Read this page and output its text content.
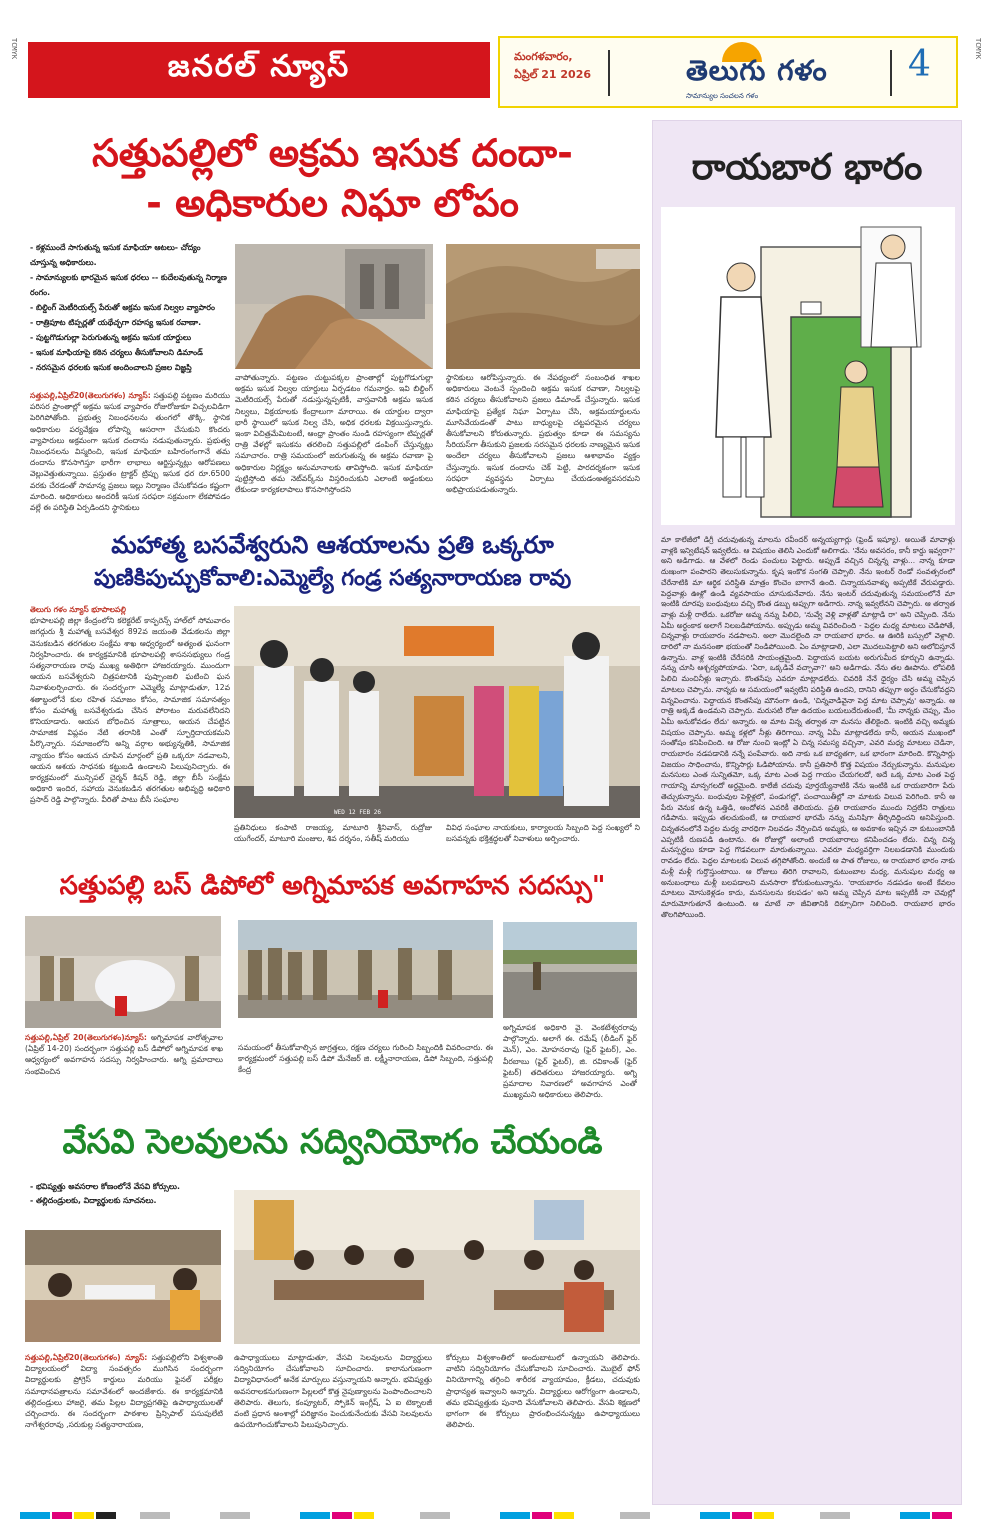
TCMYK	TCMYK
జనరల్ న్యూస్	మంగళవారం,
ఏప్రిల్ 21 2026	తెలుగు గళం
సామాన్యుల సంచలన గళం
4
సత్తుపల్లిలో అక్రమ ఇసుక దందా-
- అధికారుల నిఘా లోపం
- కళ్లముందే సాగుతున్న ఇసుక మాఫియా ఆటలు- చోద్యం చూస్తున్న అధికారులు.
- సామాన్యులకు భారమైన ఇసుక ధరలు -- కుదేలవుతున్న నిర్మాణ రంగం.
- బిల్డింగ్ మెటీరియల్స్ పేరుతో అక్రమ ఇసుక నిల్వల వ్యాపారం
- రాత్రిపూట టిప్పర్లతో యథేచ్ఛగా రహస్య ఇసుక రవాణా.
- పుట్టగొడుగుల్లా పెరుగుతున్న అక్రమ ఇసుక యార్డులు
- ఇసుక మాఫియాపై కఠిన చర్యలు తీసుకోవాలని డిమాండ్
- నరసమైన ధరలకు ఇసుక అందించాలని ప్రజల విజ్ఞప్తి
సత్తుపల్లి,ఏప్రిల్20(తెలుగుగళం) న్యూస్: సత్తుపల్లి పట్టణం మరియు పరిసర ప్రాంతాల్లో అక్రమ ఇసుక వ్యాపారం రోజురోజుకూ విచ్చలవిడిగా పెరిగిపోతోంది. ప్రభుత్వ నిబంధనలను తుంగలో తొక్కి, స్థానిక అధికారుల పర్యవేక్షణ లోపాన్ని ఆసరాగా చేసుకుని కొందరు వ్యాపారులు అక్రమంగా ఇసుక దందాను నడుపుతున్నారు. ప్రభుత్వ నిబంధనలను విస్మరించి, ఇసుక మాఫియా బహిరంగంగానే తమ దందాను కొనసాగిస్తూ భారీగా లాభాలు ఆర్జిస్తున్నట్లు ఆరోపణలు వెల్లువెత్తుతున్నాయి. ప్రస్తుతం ట్రాక్టర్ ట్రిప్పు ఇసుక ధర రూ.6500 వరకు చేరడంతో సామాన్య ప్రజలు ఇల్లు నిర్మాణం చేసుకోవడం కష్టంగా మారింది. అధికారులు అందరికీ ఇసుక సరఫరా సక్రమంగా లేకపోవడం వల్లే ఈ పరిస్థితి ఏర్పడిందని స్థానికులు
వాపోతున్నారు. పట్టణం చుట్టుపక్కల ప్రాంతాల్లో పుట్టగొడుగుల్లా అక్రమ ఇసుక నిల్వల యార్డులు ఏర్పడటం గమనార్హం. ఇవి బిల్డింగ్ మెటీరియల్స్ పేరుతో నడుస్తున్నప్పటికీ, వాస్తవానికి అక్రమ ఇసుక నిల్వలు, విక్రయాలకు కేంద్రాలుగా మారాయి. ఈ యార్డుల ద్వారా భారీ స్థాయిలో ఇసుక నిల్వ చేసి, అధిక ధరలకు విక్రయిస్తున్నారు. ఇంకా విచిత్రమేమిటంటే, ఆంధ్రా ప్రాంతం నుండి రహస్యంగా టిప్పర్లతో రాత్రి వేళల్లో ఇసుకను తరలించి సత్తుపల్లిలో డంపింగ్ చేస్తున్నట్లు సమాచారం. రాత్రి సమయంలో జరుగుతున్న ఈ అక్రమ రవాణా పై అధికారుల నిర్లక్ష్యం అనుమానాలకు తావిస్తోంది. ఇసుక మాఫియా పుట్టిస్తోంది తమ నెట్‌వర్క్‌ను విస్తరించుకుని ఎలాంటి అడ్డంకులు లేకుండా కార్యకలాపాలు కొనసాగిస్తోందని
స్థానికులు ఆరోపిస్తున్నారు. ఈ నేపథ్యంలో సంబంధిత శాఖల అధికారులు వెంటనే స్పందించి అక్రమ ఇసుక రవాణా, నిల్వలపై కఠిన చర్యలు తీసుకోవాలని ప్రజలు డిమాండ్ చేస్తున్నారు. ఇసుక మాఫియాపై ప్రత్యేక నిఘా ఏర్పాటు చేసి, అక్రమయార్డులను మూసివేయడంతో పాటు బాధ్యులపై చట్టపరమైన చర్యలు తీసుకోవాలని కోరుతున్నారు. ప్రభుత్వం కూడా ఈ సమస్యను సీరియస్‌గా తీసుకుని ప్రజలకు సరసమైన ధరలకు నాణ్యమైన ఇసుక అందేలా చర్యలు తీసుకోవాలని ప్రజలు ఆశాభావం వ్యక్తం చేస్తున్నారు. ఇసుక దందాను చెక్ పెట్టి, పారదర్శకంగా ఇసుక సరఫరా వ్యవస్థను ఏర్పాటు చేయడంఅత్యవసరమని అభిప్రాయపడుతున్నారు.
మహాత్మ బసవేశ్వరుని ఆశయాలను ప్రతి ఒక్కరూ
పుణికిపుచ్చుకోవాలి:ఎమ్మెల్యే గండ్ర సత్యనారాయణ రావు
తెలుగు గళం న్యూస్ భూపాలపల్లి
భూపాలపల్లి జిల్లా కేంద్రంలోని కలెక్టరేట్ కాన్ఫరెన్స్ హాల్‌లో సోమవారం జగద్గురు శ్రీ మహాత్మ బసవేశ్వర 892వ జయంతి వేడుకలను జిల్లా వెనుకబడిన తరగతుల సంక్షేమ శాఖ ఆధ్వర్యంలో అత్యంత ఘనంగా నిర్వహించారు. ఈ కార్యక్రమానికి భూపాలపల్లి శాసనసభ్యులు గండ్ర సత్యనారాయణ రావు ముఖ్య అతిథిగా హాజరయ్యారు. ముందుగా ఆయన బసవేశ్వరుని చిత్రపటానికి పుష్పాంజలి ఘటించి ఘన నివాళులర్పించారు. ఈ సందర్భంగా ఎమ్మెల్యే మాట్లాడుతూ, 12వ శతాబ్దంలోనే కుల రహిత సమాజం కోసం, సామాజిక సమానత్వం కోసం మహాత్మ బసవేశ్వరుడు చేసిన పోరాటం మరువలేనిదని కొనియాడారు. ఆయన బోధించిన సూత్రాలు, ఆయన చేపట్టిన సామాజిక విప్లవం నేటి తరానికి ఎంతో స్ఫూర్తిదాయకమని పేర్కొన్నారు. సమాజంలోని అన్ని వర్గాల అభ్యున్నతికి, సామాజిక న్యాయం కోసం ఆయన చూపిన మార్గంలో ప్రతి ఒక్కరూ నడవాలని, ఆయన ఆశయ సాధనకు కట్టుబడి ఉండాలని పిలుపునిచ్చారు. ఈ కార్యక్రమంలో మున్సిపల్ చైర్మన్ కిషన్ రెడ్డి, జిల్లా బీసీ సంక్షేమ అధికారి ఇందిర, సహాయ వెనుకబడిన తరగతుల అభివృద్ధి అధికారి ప్రసాద్ రెడ్డి పాల్గొన్నారు. వీరితో పాటు బీసీ సంఘాల
WED 12 FEB 26
ప్రతినిధులు కంపాటి రాజయ్య, మాటూరి శ్రీనివాస్, రుద్రోజు యుగేందర్, మాటూరి మంజుల, శివ దర్శనం, సతీష్ మరియు
వివిధ సంఘాల నాయకులు, కార్యాలయ సిబ్బంది పెద్ద సంఖ్యలో ని బసవన్నకు భక్తిశ్రద్ధలతో నివాళులు అర్పించారు.
సత్తుపల్లి బస్ డిపోలో అగ్నిమాపక అవగాహన సదస్సు"
సత్తుపల్లి,ఏప్రిల్ 20(తెలుగుగళం)న్యూస్: అగ్నిమాపక వారోత్సవాల (ఏప్రిల్ 14-20) సందర్భంగా సత్తుపల్లి బస్ డిపోలో అగ్నిమాపక శాఖ ఆధ్వర్యంలో అవగాహన సదస్సు నిర్వహించారు. అగ్ని ప్రమాదాలు సంభవించిన
సమయంలో తీసుకోవాల్సిన జాగ్రత్తలు, రక్షణ చర్యలు గురించి సిబ్బందికి వివరించారు. ఈ కార్యక్రమంలో సత్తుపల్లి బస్ డిపో మేనేజర్ జి. లక్ష్మీనారాయణ, డిపో సిబ్బంది, సత్తుపల్లి కేంద్ర
అగ్నిమాపక అధికారి వై. వెంకటేశ్వరరావు పాల్గొన్నారు. అలాగే ఈ. రమేష్ (లీడింగ్ ఫైర్ మెన్), ఎం. మోహనరావు (ఫైర్ ఫైటర్), ఎం. వీరబాబు (ఫైర్ ఫైటర్), జి. రవికాంత్ (ఫైర్ ఫైటర్) తదితరులు హాజరయ్యారు. అగ్ని ప్రమాదాల నివారణలో అవగాహన ఎంతో ముఖ్యమని అధికారులు తెలిపారు.
వేసవి సెలవులను సద్వినియోగం చేయండి
- భవిష్యత్తు అవసరాల కోణంలోనే వేసవి కోర్సులు.
- తల్లిదండ్రులకు, విద్యార్థులకు సూచనలు.
సత్తుపల్లి,ఏప్రిల్20(తెలుగుగళం) న్యూస్: సత్తుపల్లిలోని విశ్వశాంతి విద్యాలయంలో విద్యా సంవత్సరం ముగిసిన సందర్భంగా విద్యార్థులకు ప్రోగ్రెస్ కార్డులు మరియు ఫైనల్ పరీక్షల సమాధానపత్రాలను సమావేశంలో అందజేశారు. ఈ కార్యక్రమానికి తల్లిదండ్రులు హాజరై, తమ పిల్లల విద్యాప్రగతిపై ఉపాధ్యాయులతో చర్చించారు. ఈ సందర్భంగా పాఠశాల ప్రిన్సిపాల్ పసుపులేటి నాగేశ్వరరావు ,సరుకుల్ల సత్యనారాయణ,
ఉపాధ్యాయులు మాట్లాడుతూ, వేసవి సెలవులను విద్యార్థులు సద్వినియోగం చేసుకోవాలని సూచించారు. కాలానుగుణంగా విద్యావిధానంలో అనేక మార్పులు వస్తున్నాయని అన్నారు. భవిష్యత్తు అవసరాలకనుగుణంగా పిల్లలలో కొత్త నైపుణ్యాలను పెంపొందించాలని తెలిపారు. తెలుగు, కంప్యూటర్, స్పోకెన్ ఇంగ్లీష్, ఏ ఐ టెక్నాలజీ వంటి ప్రధాన అంశాల్లో పరిజ్ఞానం పెంచుకునేందుకు వేసవి సెలవులను ఉపయోగించుకోవాలని పిలుపునిచ్చారు.
కోర్సులు విశ్వశాంతిలో అందుబాటులో ఉన్నాయని తెలిపారు. వాటిని సద్వినియోగం చేసుకోవాలని సూచించారు. మొబైల్ ఫోన్ వినియోగాన్ని తగ్గించి శారీరక వ్యాయామం, క్రీడలు, చదువుకు ప్రాధాన్యత ఇవ్వాలని అన్నారు. విద్యార్థులు ఆరోగ్యంగా ఉండాలని, తమ భవిష్యత్తుకు పునాది వేసుకోవాలని తెలిపారు. వేసవి శిక్షణలో భాగంగా ఈ కోర్సులు ప్రారంభించనున్నట్టు ఉపాధ్యాయులు తెలిపారు.
రాయబార భారం
మా కాలేజీలో డిగ్రీ చదువుతున్న మాలను రవీందర్ అన్నయ్యగార్లు (ఫ్రెండ్ ఇష్యూ). అయితే మావాళ్లు వాళ్లకి ఇన్విటేషన్ ఇవ్వలేదు. ఆ విషయం తెలిసి ఎందుకో అలిగాడు. 'నేను అవసరం, కానీ కార్డు ఇవ్వరా?' అని అడిగాడు. ఆ వేళలో రెండు పంచులు పెట్టారు. అప్పుడే వచ్చిన చిన్నన్న వాళ్లు... నాన్న కూడా దుఃఖంగా పంపారని తెలుసుకున్నాను. కృష ఇంకొక సంగతి చెప్పాలి. నేను ఇంటర్ రెండో సంవత్సరంలో చేరేనాటికి మా ఆర్థిక పరిస్థితి మాత్రం కొంచెం బాగానే ఉంది. చిన్నాయనవాళ్ళు అప్పటికే వేరుపడ్డారు. పెద్దవాళ్లు ఊళ్లో ఉండి వ్యవసాయం చూసుకునేవారు. నేను ఇంటర్ చదువుతున్న సమయంలోనే మా ఇంటికి దూరపు బంధువులు వచ్చి కొంత డబ్బు అప్పుగా అడిగారు. నాన్న ఇవ్వలేనని చెప్పారు. ఆ తర్వాత వాళ్లు మళ్లీ రాలేదు. ఒకరోజు అమ్మ నన్ను పిలిచి, 'నువ్వే వెళ్లి వాళ్లతో మాట్లాడి రా' అని చెప్పింది. నేను ఏమీ అర్థంకాక అలాగే నిలబడిపోయాను. అప్పుడు అమ్మ వివరించింది - పెద్దల మధ్య మాటలు చెడిపోతే, చిన్నవాళ్లు రాయబారం నడపాలని. అలా మొదలైంది నా రాయబార భారం. ఆ ఊరికి బస్సులో వెళ్లాలి. దారిలో నా మనసంతా భయంతో నిండిపోయింది. ఏం మాట్లాడాలి, ఎలా మొదలుపెట్టాలి అని ఆలోచిస్తూనే ఉన్నాను. వాళ్ల ఇంటికి చేరేసరికి సాయంత్రమైంది. పెద్దాయన బయట అరుగుమీద కూర్చుని ఉన్నాడు. నన్ను చూసి ఆశ్చర్యపోయాడు. 'ఏరా, ఒక్కడివే వచ్చావా?' అని అడిగాడు. నేను తల ఊపాను. లోపలికి పిలిచి మంచినీళ్లు ఇచ్చారు. కొంతసేపు ఎవరూ మాట్లాడలేదు. చివరికి నేనే ధైర్యం చేసి అమ్మ చెప్పిన మాటలు చెప్పాను. నాన్నకు ఆ సమయంలో ఇవ్వలేని పరిస్థితి ఉందని, దానిని తప్పుగా అర్థం చేసుకోవద్దని విన్నవించాను. పెద్దాయన కొంతసేపు మౌనంగా ఉండి, 'చిన్నవాడివైనా పెద్ద మాట చెప్పావు' అన్నాడు. ఆ రాత్రి అక్కడే ఉండమని చెప్పారు. మరుసటి రోజు ఉదయం బయలుదేరుతుంటే, 'మీ నాన్నకు చెప్పు, మేం ఏమీ అనుకోవడం లేదు' అన్నారు. ఆ మాట విన్న తర్వాత నా మనసు తేలికైంది. ఇంటికి వచ్చి అమ్మకు విషయం చెప్పాను. అమ్మ కళ్లలో నీళ్లు తిరిగాయి. నాన్న ఏమీ మాట్లాడలేదు కానీ, ఆయన ముఖంలో సంతోషం కనిపించింది. ఆ రోజు నుంచి ఇంట్లో ఏ చిన్న సమస్య వచ్చినా, ఎవరి మధ్య మాటలు చెడినా, రాయబారం నడపడానికి నన్నే పంపేవారు. అది నాకు ఒక బాధ్యతగా, ఒక భారంగా మారింది. కొన్నిసార్లు విజయం సాధించాను, కొన్నిసార్లు ఓడిపోయాను. కానీ ప్రతిసారీ కొత్త విషయం నేర్చుకున్నాను. మనుషుల మనసులు ఎంత సున్నితమో, ఒక్క మాట ఎంత పెద్ద గాయం చేయగలదో, అదే ఒక్క మాట ఎంత పెద్ద గాయాన్ని మాన్పగలదో అర్థమైంది. కాలేజీ చదువు పూర్తయ్యేనాటికి నేను ఇంటికి ఒక రాయబారిగా పేరు తెచ్చుకున్నాను. బంధువుల పెళ్లిళ్లలో, పండుగల్లో, పంచాయితీల్లో నా మాటకు విలువ పెరిగింది. కానీ ఆ పేరు వెనుక ఉన్న ఒత్తిడి, ఆందోళన ఎవరికీ తెలియదు. ప్రతి రాయబారం ముందు నిద్రలేని రాత్రులు గడిపాను. ఇప్పుడు తలచుకుంటే, ఆ రాయబార భారమే నన్ను మనిషిగా తీర్చిదిద్దిందని అనిపిస్తుంది. చిన్నతనంలోనే పెద్దల మధ్య వారధిగా నిలవడం నేర్పించిన అమ్మకు, ఆ అవకాశం ఇచ్చిన నా కుటుంబానికి ఎప్పటికీ రుణపడి ఉంటాను. ఈ రోజుల్లో అలాంటి రాయబారాలు కనిపించడం లేదు. చిన్న చిన్న మనస్పర్థలు కూడా పెద్ద గొడవలుగా మారుతున్నాయి. ఎవరూ మధ్యవర్తిగా నిలబడడానికి ముందుకు రావడం లేదు. పెద్దల మాటలకు విలువ తగ్గిపోతోంది. అందుకే ఆ పాత రోజులు, ఆ రాయబార భారం నాకు మళ్లీ మళ్లీ గుర్తొస్తుంటాయి. ఆ రోజులు తిరిగి రావాలని, కుటుంబాల మధ్య, మనుషుల మధ్య ఆ అనుబంధాలు మళ్లీ బలపడాలని మనసారా కోరుకుంటున్నాను. 'రాయబారం నడపడం అంటే కేవలం మాటలు మోసుకెళ్లడం కాదు, మనసులను కలపడం' అని అమ్మ చెప్పిన మాట ఇప్పటికీ నా చెవుల్లో మారుమోగుతూనే ఉంటుంది. ఆ మాటే నా జీవితానికి దిక్సూచిగా నిలిచింది. రాయబార భారం తొలగిపోయింది.
